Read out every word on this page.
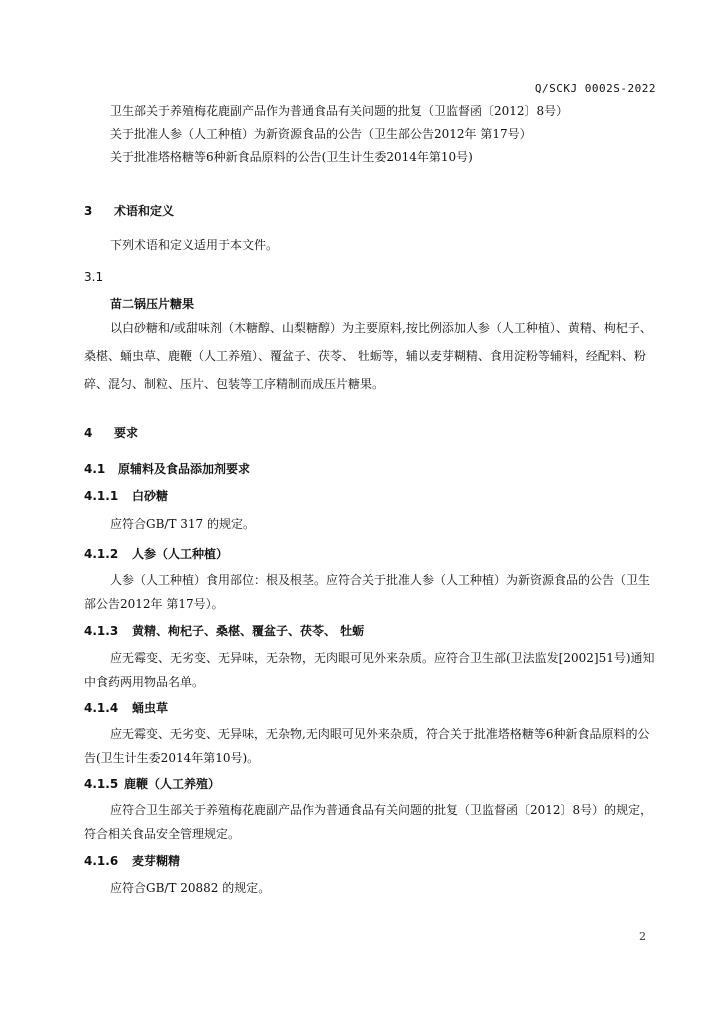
Q/SCKJ 0002S-2022
卫生部关于养殖梅花鹿副产品作为普通食品有关问题的批复（卫监督函〔2012〕8号）
关于批准人参（人工种植）为新资源食品的公告（卫生部公告2012年 第17号）
关于批准塔格糖等6种新食品原料的公告(卫生计生委2014年第10号)
3 术语和定义
下列术语和定义适用于本文件。
3.1
苗二锅压片糖果
以白砂糖和/或甜味剂（木糖醇、山梨糖醇）为主要原料,按比例添加人参（人工种植）、黄精、枸杞子、桑椹、蛹虫草、鹿鞭（人工养殖）、覆盆子、茯苓、 牡蛎等，辅以麦芽糊精、食用淀粉等辅料，经配料、粉碎、混匀、制粒、压片、包装等工序精制而成压片糖果。
4 要求
4.1 原辅料及食品添加剂要求
4.1.1 白砂糖
应符合GB/T 317 的规定。
4.1.2 人参（人工种植）
人参（人工种植）食用部位：根及根茎。应符合关于批准人参（人工种植）为新资源食品的公告（卫生部公告2012年 第17号）。
4.1.3 黄精、枸杞子、桑椹、覆盆子、茯苓、 牡蛎
应无霉变、无劣变、无异味，无杂物，无肉眼可见外来杂质。应符合卫生部(卫法监发[2002]51号)通知中食药两用物品名单。
4.1.4 蛹虫草
应无霉变、无劣变、无异味，无杂物,无肉眼可见外来杂质，符合关于批准塔格糖等6种新食品原料的公告(卫生计生委2014年第10号)。
4.1.5 鹿鞭（人工养殖）
应符合卫生部关于养殖梅花鹿副产品作为普通食品有关问题的批复（卫监督函〔2012〕8号）的规定，符合相关食品安全管理规定。
4.1.6 麦芽糊精
应符合GB/T 20882 的规定。
2
